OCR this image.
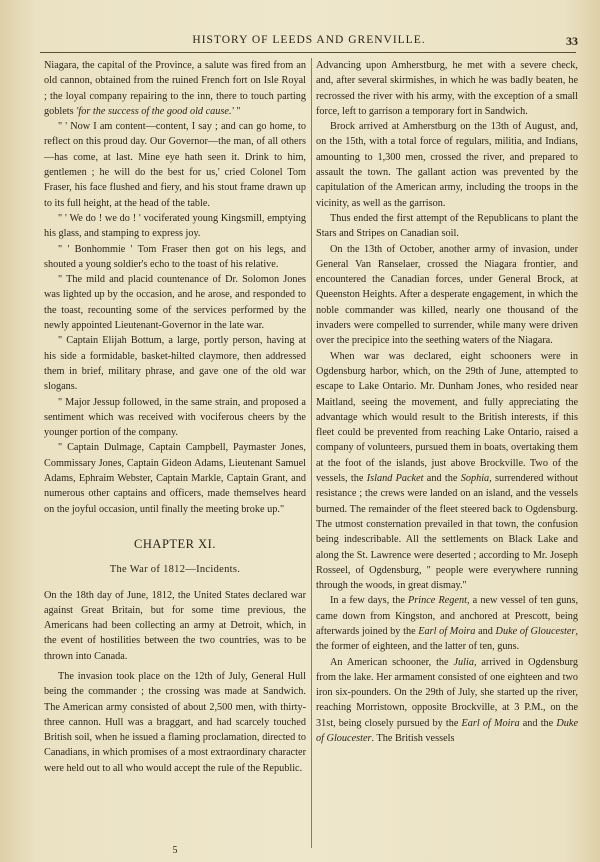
HISTORY OF LEEDS AND GRENVILLE.	33

Niagara, the capital of the Province, a salute was fired from an old cannon, obtained from the ruined French fort on Isle Royal ; the loyal company repairing to the inn, there to touch parting goblets 'for the success of the good old cause.' "

" ' Now I am content—content, I say ; and can go home, to reflect on this proud day. Our Governor—the man, of all others—has come, at last. Mine eye hath seen it. Drink to him, gentlemen ; he will do the best for us,' cried Colonel Tom Fraser, his face flushed and fiery, and his stout frame drawn up to its full height, at the head of the table.

" ' We do ! we do ! ' vociferated young Kingsmill, emptying his glass, and stamping to express joy.

" ' Bonhommie ' Tom Fraser then got on his legs, and shouted a young soldier's echo to the toast of his relative.

" The mild and placid countenance of Dr. Solomon Jones was lighted up by the occasion, and he arose, and responded to the toast, recounting some of the services performed by the newly appointed Lieutenant-Governor in the late war.

" Captain Elijah Bottum, a large, portly person, having at his side a formidable, basket-hilted claymore, then addressed them in brief, military phrase, and gave one of the old war slogans.

" Major Jessup followed, in the same strain, and proposed a sentiment which was received with vociferous cheers by the younger portion of the company.

" Captain Dulmage, Captain Campbell, Paymaster Jones, Commissary Jones, Captain Gideon Adams, Lieutenant Samuel Adams, Ephraim Webster, Captain Markle, Captain Grant, and numerous other captains and officers, made themselves heard on the joyful occasion, until finally the meeting broke up."

CHAPTER XI.
The War of 1812—Incidents.

On the 18th day of June, 1812, the United States declared war against Great Britain, but for some time previous, the Americans had been collecting an army at Detroit, which, in the event of hostilities between the two countries, was to be thrown into Canada.

The invasion took place on the 12th of July, General Hull being the commander ; the crossing was made at Sandwich. The American army consisted of about 2,500 men, with thirty-three cannon. Hull was a braggart, and had scarcely touched British soil, when he issued a flaming proclamation, directed to Canadians, in which promises of a most extraordinary character were held out to all who would accept the rule of the Republic.

Advancing upon Amherstburg, he met with a severe check, and, after several skirmishes, in which he was badly beaten, he recrossed the river with his army, with the exception of a small force, left to garrison a temporary fort in Sandwich.

Brock arrived at Amherstburg on the 13th of August, and, on the 15th, with a total force of regulars, militia, and Indians, amounting to 1,300 men, crossed the river, and prepared to assault the town. The gallant action was prevented by the capitulation of the American army, including the troops in the vicinity, as well as the garrison.

Thus ended the first attempt of the Republicans to plant the Stars and Stripes on Canadian soil.

On the 13th of October, another army of invasion, under General Van Ranselaer, crossed the Niagara frontier, and encountered the Canadian forces, under General Brock, at Queenston Heights. After a desperate engagement, in which the noble commander was killed, nearly one thousand of the invaders were compelled to surrender, while many were driven over the precipice into the seething waters of the Niagara.

When war was declared, eight schooners were in Ogdensburg harbor, which, on the 29th of June, attempted to escape to Lake Ontario. Mr. Dunham Jones, who resided near Maitland, seeing the movement, and fully appreciating the advantage which would result to the British interests, if this fleet could be prevented from reaching Lake Ontario, raised a company of volunteers, pursued them in boats, overtaking them at the foot of the islands, just above Brockville. Two of the vessels, the Island Packet and the Sophia, surrendered without resistance ; the crews were landed on an island, and the vessels burned. The remainder of the fleet steered back to Ogdensburg. The utmost consternation prevailed in that town, the confusion being indescribable. All the settlements on Black Lake and along the St. Lawrence were deserted ; according to Mr. Joseph Rosseel, of Ogdensburg, " people were everywhere running through the woods, in great dismay."

In a few days, the Prince Regent, a new vessel of ten guns, came down from Kingston, and anchored at Prescott, being afterwards joined by the Earl of Moira and Duke of Gloucester, the former of eighteen, and the latter of ten, guns.

An American schooner, the Julia, arrived in Ogdensburg from the lake. Her armament consisted of one eighteen and two iron six-pounders. On the 29th of July, she started up the river, reaching Morristown, opposite Brockville, at 3 P.M., on the 31st, being closely pursued by the Earl of Moira and the Duke of Gloucester. The British vessels

5
